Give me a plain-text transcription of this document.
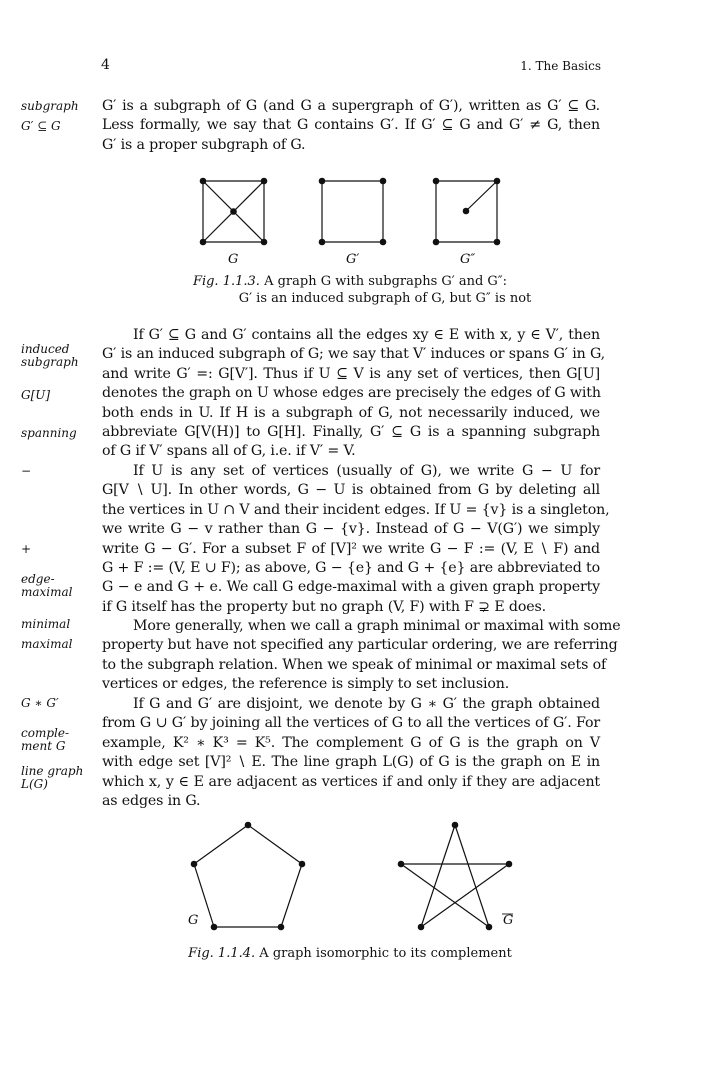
4	1. The Basics
subgraph
G′ ⊆ G
induced subgraph
G[U]
spanning
−
+
edge-maximal
minimal
maximal
G ∗ G′
comple- ment G
line graph L(G)
G′ is a subgraph of G (and G a supergraph of G′), written as G′ ⊆ G.
Less formally, we say that G contains G′. If G′ ⊆ G and G′ ≠ G, then
G′ is a proper subgraph of G.
G	G′	G″
Fig. 1.1.3. A graph G with subgraphs G′ and G″:
G′ is an induced subgraph of G, but G″ is not
If G′ ⊆ G and G′ contains all the edges xy ∈ E with x, y ∈ V′, then
G′ is an induced subgraph of G; we say that V′ induces or spans G′ in G,
and write G′ =: G[V′]. Thus if U ⊆ V is any set of vertices, then G[U]
denotes the graph on U whose edges are precisely the edges of G with
both ends in U. If H is a subgraph of G, not necessarily induced, we
abbreviate G[V(H)] to G[H]. Finally, G′ ⊆ G is a spanning subgraph
of G if V′ spans all of G, i.e. if V′ = V.
If U is any set of vertices (usually of G), we write G − U for
G[V ∖ U]. In other words, G − U is obtained from G by deleting all
the vertices in U ∩ V and their incident edges. If U = {v} is a singleton,
we write G − v rather than G − {v}. Instead of G − V(G′) we simply
write G − G′. For a subset F of [V]² we write G − F := (V, E ∖ F) and
G + F := (V, E ∪ F); as above, G − {e} and G + {e} are abbreviated to
G − e and G + e. We call G edge-maximal with a given graph property
if G itself has the property but no graph (V, F) with F ⊋ E does.
More generally, when we call a graph minimal or maximal with some
property but have not specified any particular ordering, we are referring
to the subgraph relation. When we speak of minimal or maximal sets of
vertices or edges, the reference is simply to set inclusion.
If G and G′ are disjoint, we denote by G ∗ G′ the graph obtained
from G ∪ G′ by joining all the vertices of G to all the vertices of G′. For
example, K² ∗ K³ = K⁵. The complement G of G is the graph on V
with edge set [V]² ∖ E. The line graph L(G) of G is the graph on E in
which x, y ∈ E are adjacent as vertices if and only if they are adjacent
as edges in G.
G	G
Fig. 1.1.4. A graph isomorphic to its complement
